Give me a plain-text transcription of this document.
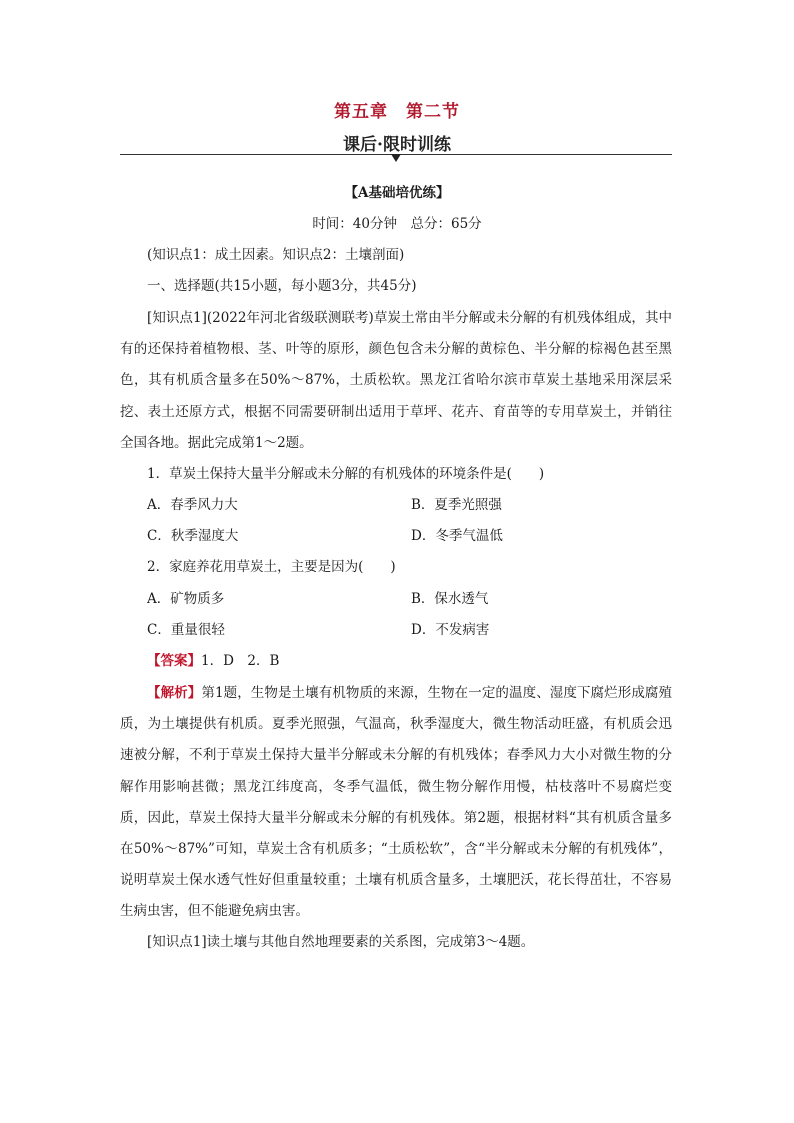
第五章　第二节
课后·限时训练
【A基础培优练】
时间：40分钟　总分：65分
(知识点1：成土因素。知识点2：土壤剖面)
一、选择题(共15小题，每小题3分，共45分)
[知识点1](2022年河北省级联测联考)草炭土常由半分解或未分解的有机残体组成，其中有的还保持着植物根、茎、叶等的原形，颜色包含未分解的黄棕色、半分解的棕褐色甚至黑色，其有机质含量多在50%～87%，土质松软。黑龙江省哈尔滨市草炭土基地采用深层采挖、表土还原方式，根据不同需要研制出适用于草坪、花卉、育苗等的专用草炭土，并销往全国各地。据此完成第1～2题。
1．草炭土保持大量半分解或未分解的有机残体的环境条件是(　　)
A．春季风力大	B．夏季光照强
C．秋季湿度大	D．冬季气温低
2．家庭养花用草炭土，主要是因为(　　)
A．矿物质多	B．保水透气
C．重量很轻	D．不发病害
【答案】1．D　2．B
【解析】第1题，生物是土壤有机物质的来源，生物在一定的温度、湿度下腐烂形成腐殖质，为土壤提供有机质。夏季光照强，气温高，秋季湿度大，微生物活动旺盛，有机质会迅速被分解，不利于草炭土保持大量半分解或未分解的有机残体；春季风力大小对微生物的分解作用影响甚微；黑龙江纬度高，冬季气温低，微生物分解作用慢，枯枝落叶不易腐烂变质，因此，草炭土保持大量半分解或未分解的有机残体。第2题，根据材料“其有机质含量多在50%～87%”可知，草炭土含有机质多；“土质松软”，含“半分解或未分解的有机残体”，说明草炭土保水透气性好但重量较重；土壤有机质含量多，土壤肥沃，花长得茁壮，不容易生病虫害，但不能避免病虫害。
[知识点1]读土壤与其他自然地理要素的关系图，完成第3～4题。
